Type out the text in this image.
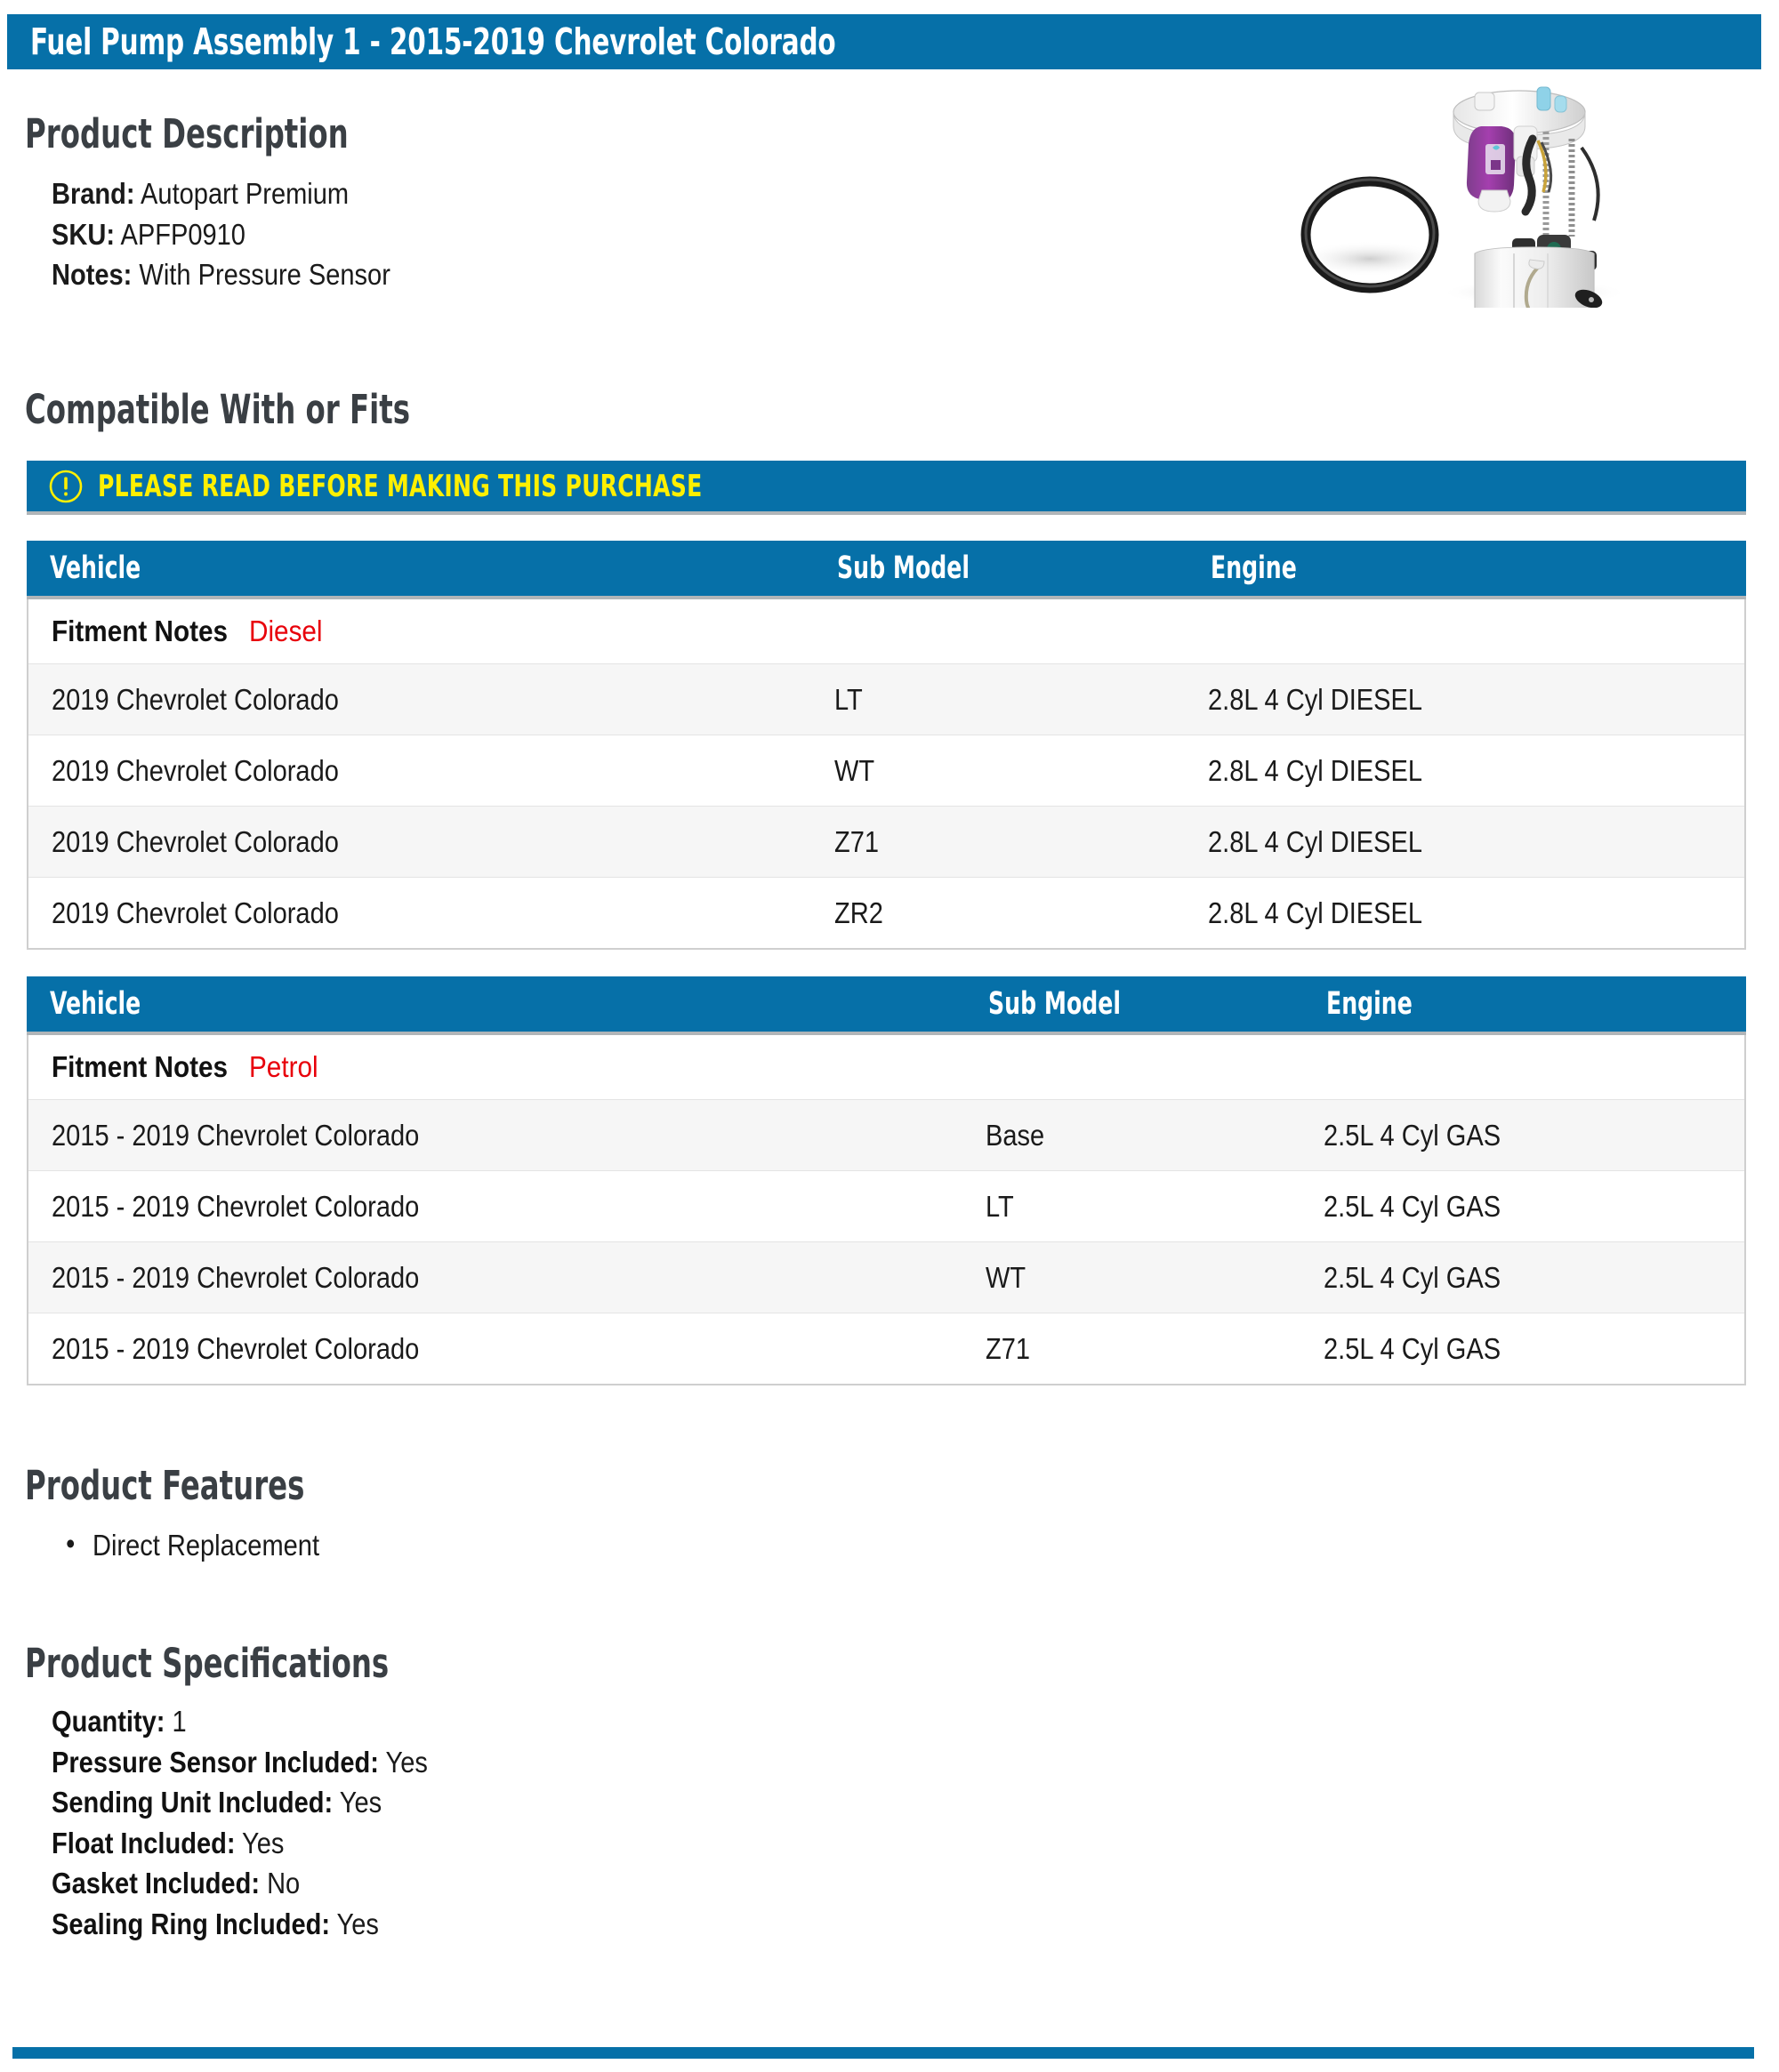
Fuel Pump Assembly 1 - 2015-2019 Chevrolet Colorado
Product Description
Brand: Autopart Premium
SKU: APFP0910
Notes: With Pressure Sensor
Compatible With or Fits
PLEASE READ BEFORE MAKING THIS PURCHASE
Vehicle	Sub Model	Engine
Fitment Notes Diesel
2019 Chevrolet Colorado	LT	2.8L 4 Cyl DIESEL
2019 Chevrolet Colorado	WT	2.8L 4 Cyl DIESEL
2019 Chevrolet Colorado	Z71	2.8L 4 Cyl DIESEL
2019 Chevrolet Colorado	ZR2	2.8L 4 Cyl DIESEL
Vehicle	Sub Model	Engine
Fitment Notes Petrol
2015 - 2019 Chevrolet Colorado	Base	2.5L 4 Cyl GAS
2015 - 2019 Chevrolet Colorado	LT	2.5L 4 Cyl GAS
2015 - 2019 Chevrolet Colorado	WT	2.5L 4 Cyl GAS
2015 - 2019 Chevrolet Colorado	Z71	2.5L 4 Cyl GAS
Product Features
• Direct Replacement
Product Specifications
Quantity: 1
Pressure Sensor Included: Yes
Sending Unit Included: Yes
Float Included: Yes
Gasket Included: No
Sealing Ring Included: Yes
